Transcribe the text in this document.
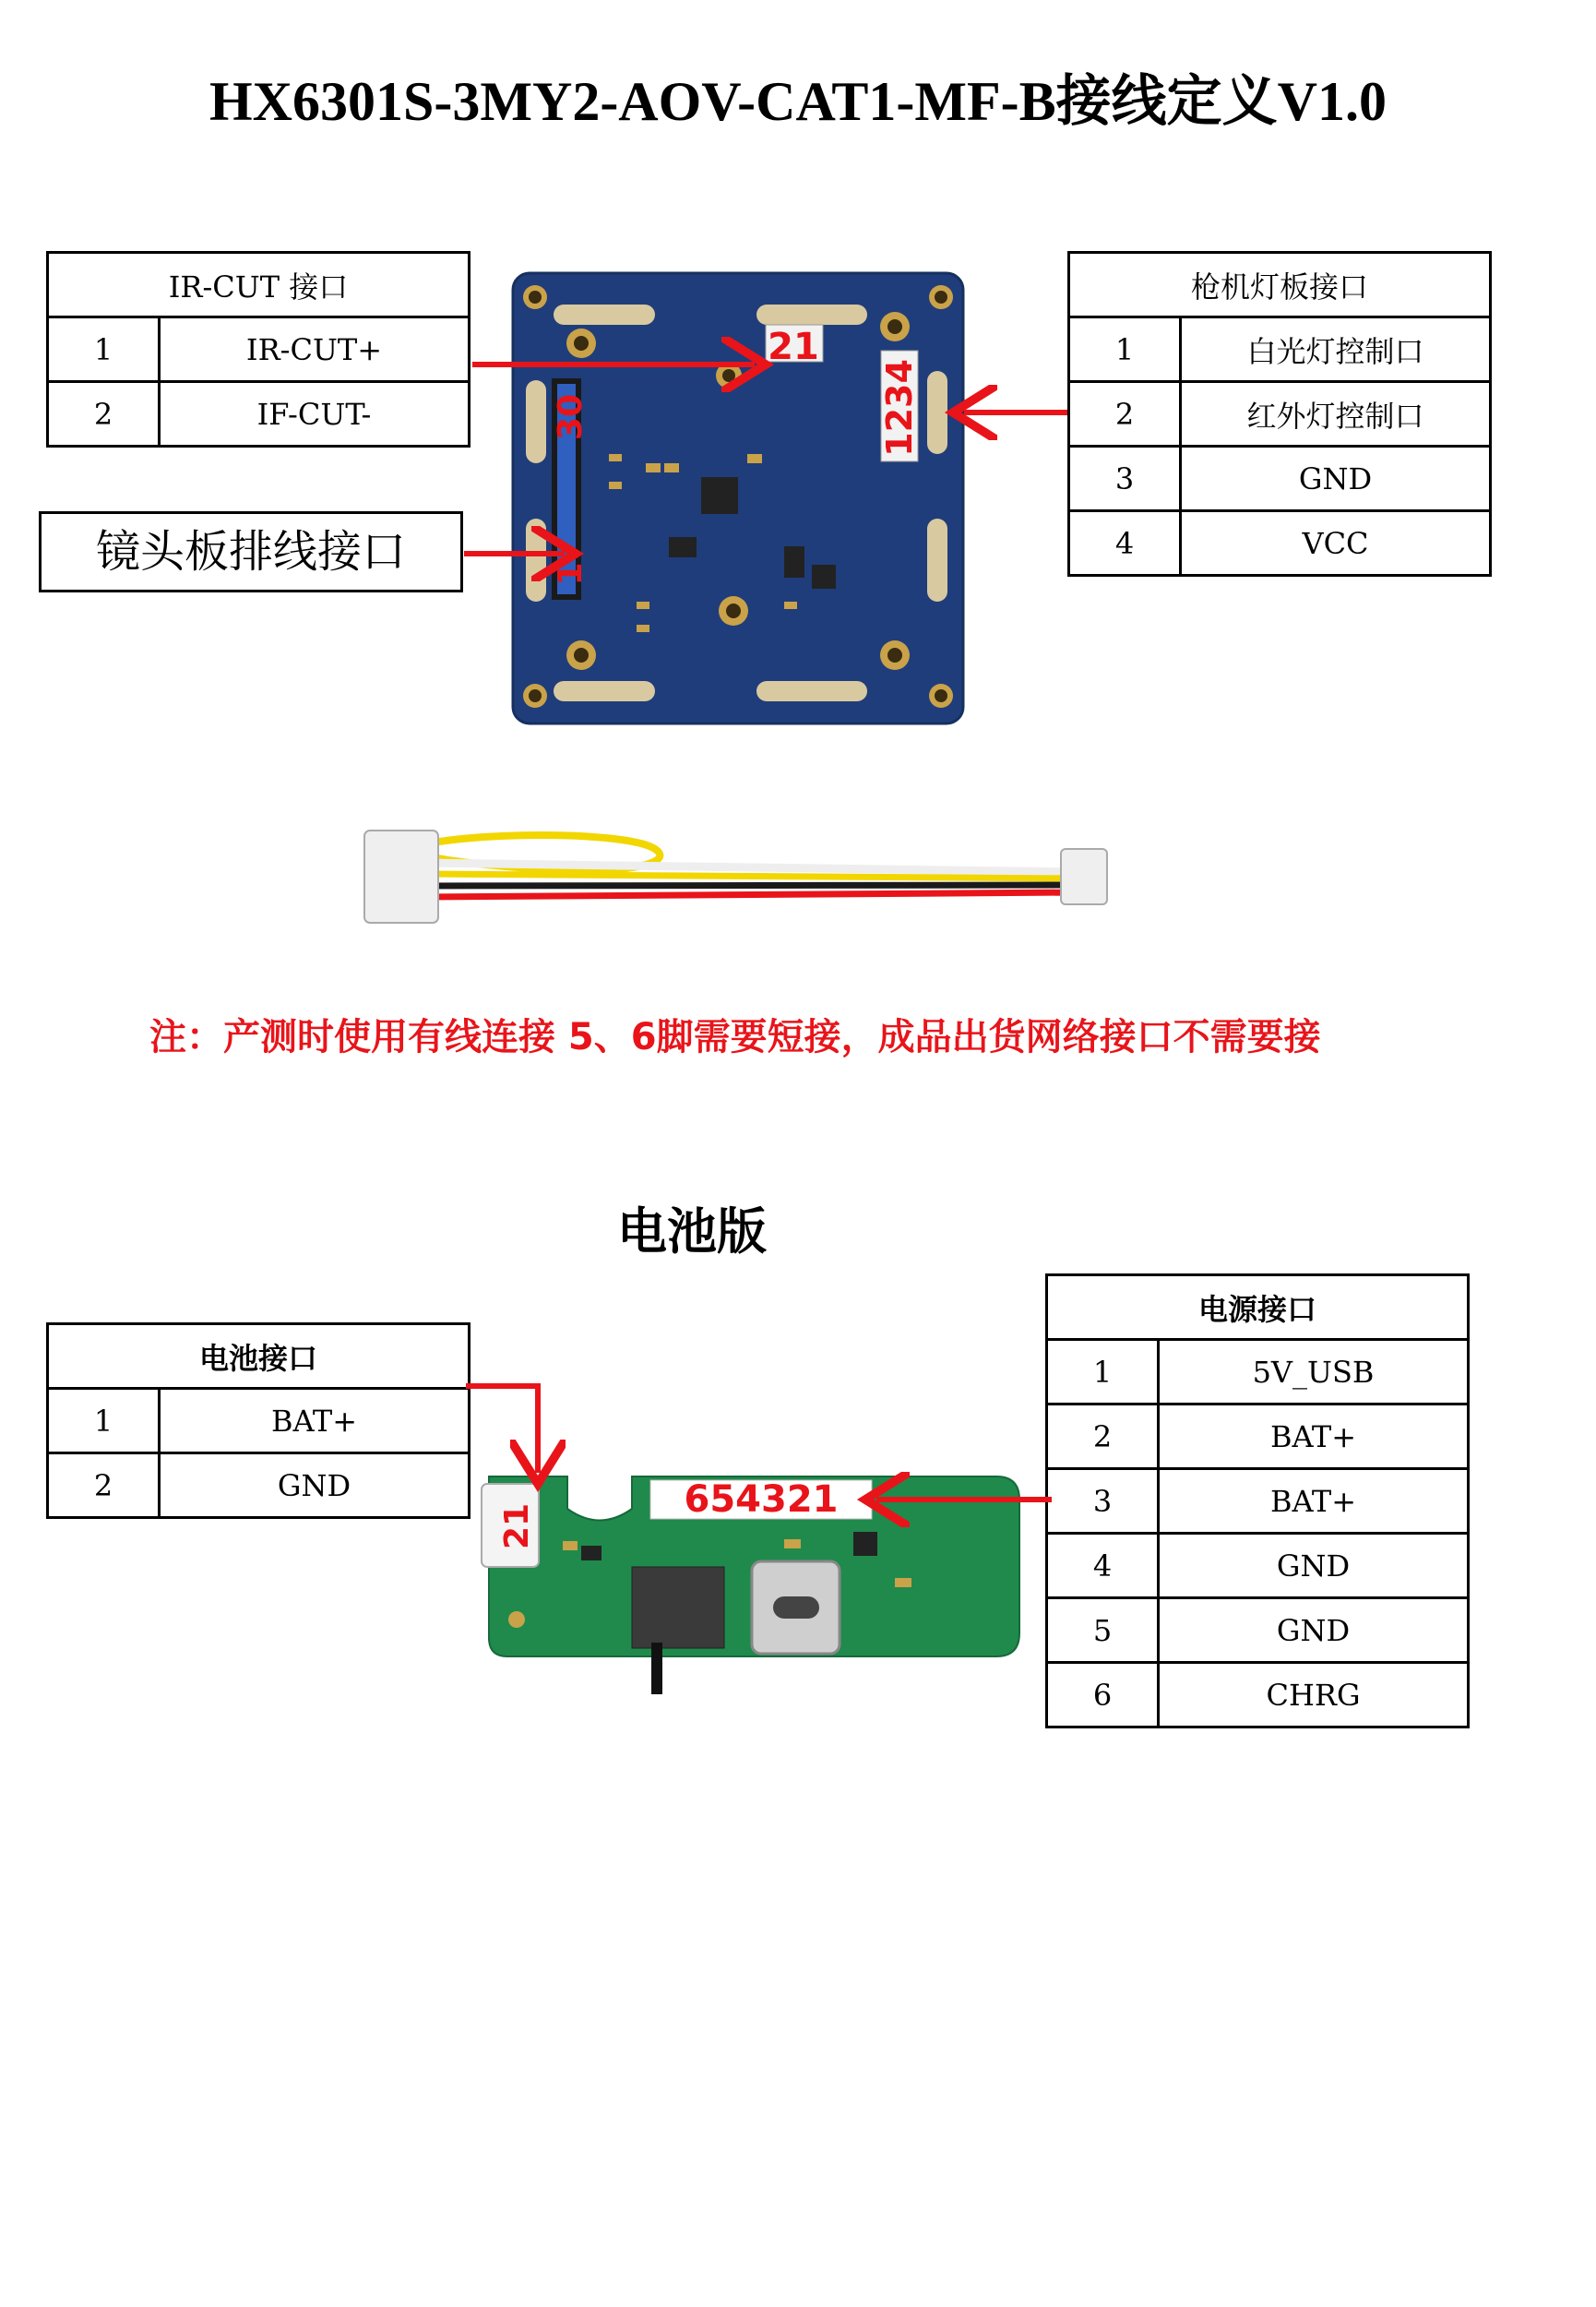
HX6301S-3MY2-AOV-CAT1-MF-B接线定义V1.0
IR-CUT 接口	
1	IR-CUT+
2	IF-CUT-
镜头板排线接口
枪机灯板接口	
1	白光灯控制口
2	红外灯控制口
3	GND
4	VCC
21
30
1
1234
注：产测时使用有线连接 5、6脚需要短接，成品出货网络接口不需要接
电池版
电池接口	
1	BAT+
2	GND
电源接口	
1	5V_USB
2	BAT+
3	BAT+
4	GND
5	GND
6	CHRG
21
654321
